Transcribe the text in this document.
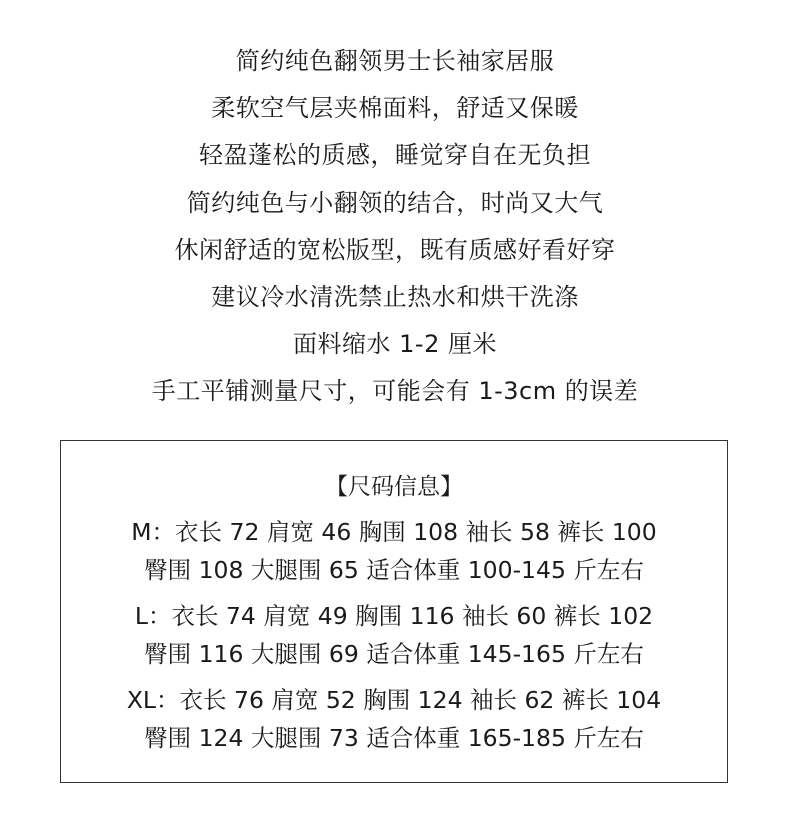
简约纯色翻领男士长袖家居服
柔软空气层夹棉面料，舒适又保暖
轻盈蓬松的质感，睡觉穿自在无负担
简约纯色与小翻领的结合，时尚又大气
休闲舒适的宽松版型，既有质感好看好穿
建议冷水清洗禁止热水和烘干洗涤
面料缩水 1-2 厘米
手工平铺测量尺寸，可能会有 1-3cm 的误差
【尺码信息】
M：衣长 72 肩宽 46 胸围 108 袖长 58 裤长 100
臀围 108 大腿围 65 适合体重 100-145 斤左右
L：衣长 74 肩宽 49 胸围 116 袖长 60 裤长 102
臀围 116 大腿围 69 适合体重 145-165 斤左右
XL：衣长 76 肩宽 52 胸围 124 袖长 62 裤长 104
臀围 124 大腿围 73 适合体重 165-185 斤左右
